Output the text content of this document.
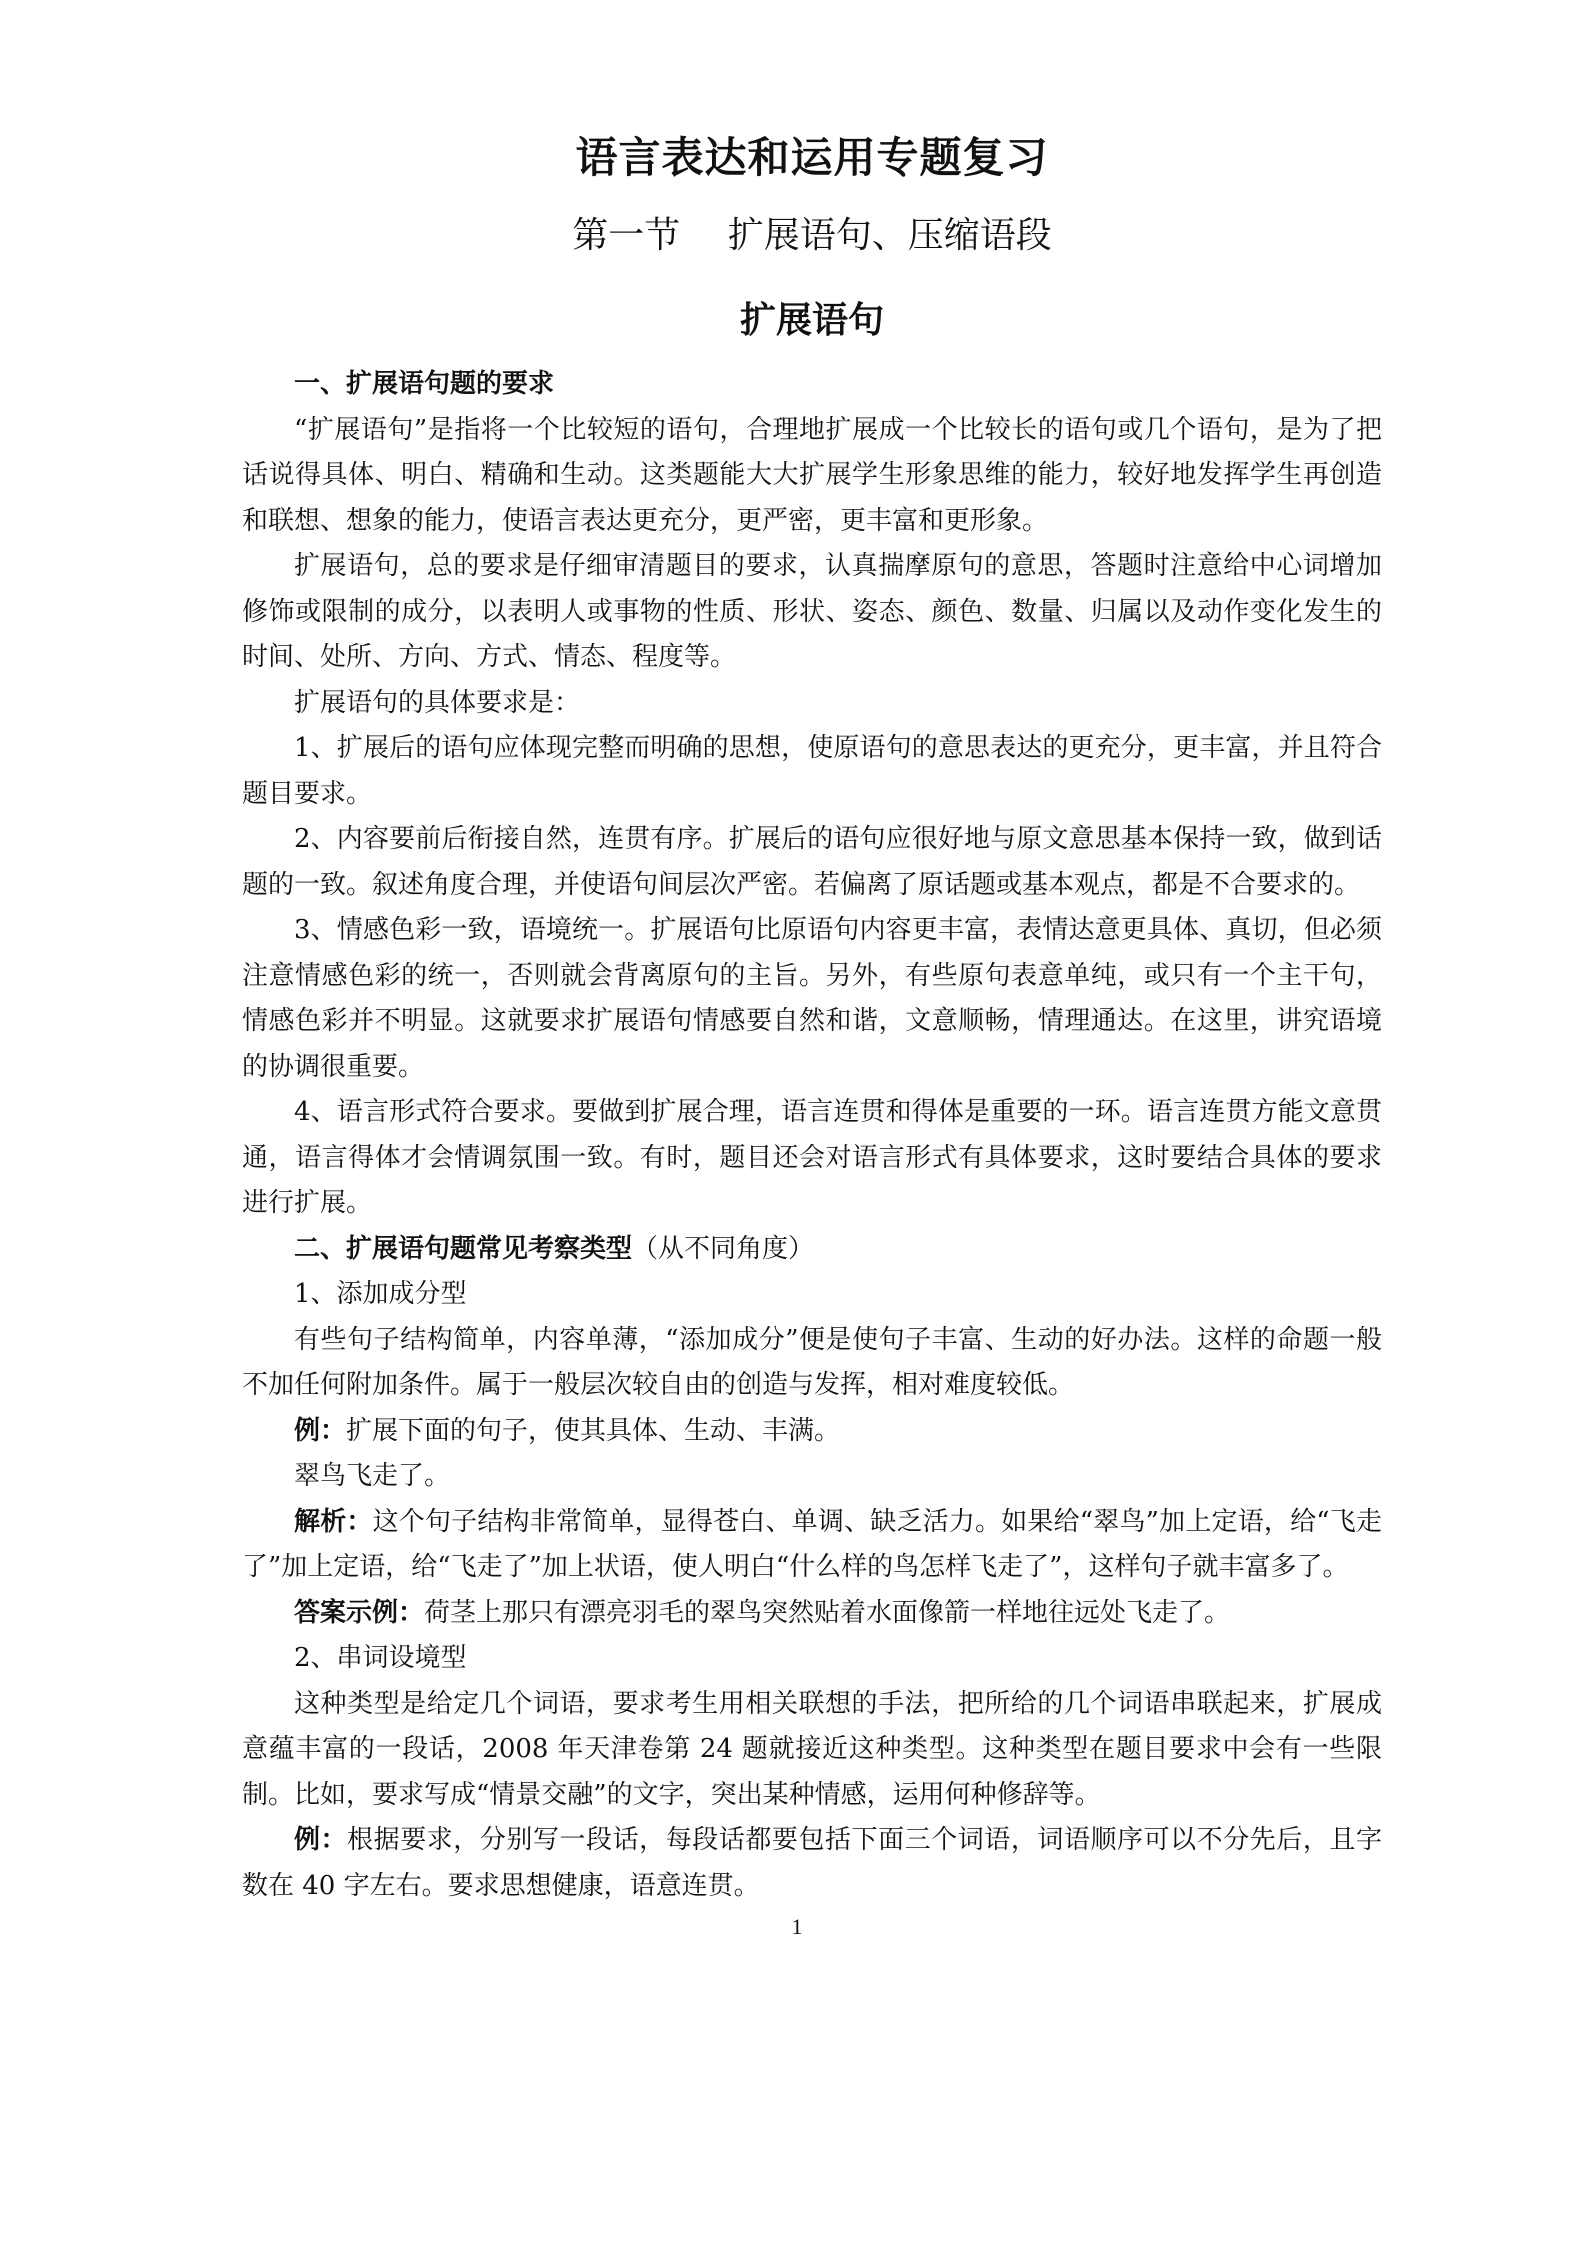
语言表达和运用专题复习
第一节　 扩展语句、压缩语段
扩展语句

一、扩展语句题的要求

“扩展语句”是指将一个比较短的语句，合理地扩展成一个比较长的语句或几个语句，是为了把话说得具体、明白、精确和生动。这类题能大大扩展学生形象思维的能力，较好地发挥学生再创造和联想、想象的能力，使语言表达更充分，更严密，更丰富和更形象。

扩展语句，总的要求是仔细审清题目的要求，认真揣摩原句的意思，答题时注意给中心词增加修饰或限制的成分，以表明人或事物的性质、形状、姿态、颜色、数量、归属以及动作变化发生的时间、处所、方向、方式、情态、程度等。

扩展语句的具体要求是：

1、扩展后的语句应体现完整而明确的思想，使原语句的意思表达的更充分，更丰富，并且符合题目要求。

2、内容要前后衔接自然，连贯有序。扩展后的语句应很好地与原文意思基本保持一致，做到话题的一致。叙述角度合理，并使语句间层次严密。若偏离了原话题或基本观点，都是不合要求的。

3、情感色彩一致，语境统一。扩展语句比原语句内容更丰富，表情达意更具体、真切，但必须注意情感色彩的统一，否则就会背离原句的主旨。另外，有些原句表意单纯，或只有一个主干句，情感色彩并不明显。这就要求扩展语句情感要自然和谐，文意顺畅，情理通达。在这里，讲究语境的协调很重要。

4、语言形式符合要求。要做到扩展合理，语言连贯和得体是重要的一环。语言连贯方能文意贯通，语言得体才会情调氛围一致。有时，题目还会对语言形式有具体要求，这时要结合具体的要求进行扩展。

二、扩展语句题常见考察类型（从不同角度）

1、添加成分型

有些句子结构简单，内容单薄，“添加成分”便是使句子丰富、生动的好办法。这样的命题一般不加任何附加条件。属于一般层次较自由的创造与发挥，相对难度较低。

例：扩展下面的句子，使其具体、生动、丰满。

翠鸟飞走了。

解析：这个句子结构非常简单，显得苍白、单调、缺乏活力。如果给“翠鸟”加上定语，给“飞走了”加上定语，给“飞走了”加上状语，使人明白“什么样的鸟怎样飞走了”，这样句子就丰富多了。

答案示例：荷茎上那只有漂亮羽毛的翠鸟突然贴着水面像箭一样地往远处飞走了。

2、串词设境型

这种类型是给定几个词语，要求考生用相关联想的手法，把所给的几个词语串联起来，扩展成意蕴丰富的一段话，2008 年天津卷第 24 题就接近这种类型。这种类型在题目要求中会有一些限制。比如，要求写成“情景交融”的文字，突出某种情感，运用何种修辞等。

例：根据要求，分别写一段话，每段话都要包括下面三个词语，词语顺序可以不分先后，且字数在 40 字左右。要求思想健康，语意连贯。

1
